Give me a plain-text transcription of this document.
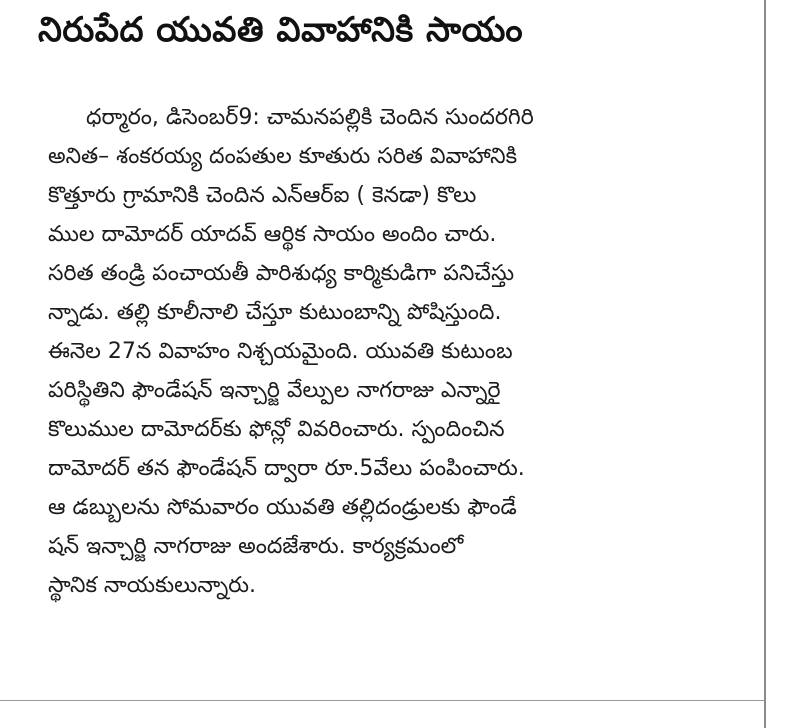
నిరుపేద యువతి వివాహానికి సాయం
ధర్మారం, డిసెంబర్9: చామనపల్లికి చెందిన సుందరగిరి
అనిత– శంకరయ్య దంపతుల కూతురు సరిత వివాహానికి
కొత్తూరు గ్రామానికి చెందిన ఎన్ఆర్ఐ ( కెనడా) కొలు
ముల దామోదర్ యాదవ్ ఆర్థిక సాయం అందిం చారు.
సరిత తండ్రి పంచాయతీ పారిశుధ్య కార్మికుడిగా పనిచేస్తు
న్నాడు. తల్లి కూలీనాలి చేస్తూ కుటుంబాన్ని పోషిస్తుంది.
ఈనెల 27న వివాహం నిశ్చయమైంది. యువతి కుటుంబ
పరిస్థితిని ఫౌండేషన్ ఇన్చార్జి వేల్పుల నాగరాజు ఎన్నారై
కొలుముల దామోదర్‌కు ఫోన్లో వివరించారు. స్పందించిన
దామోదర్ తన ఫౌండేషన్ ద్వారా రూ.5వేలు పంపించారు.
ఆ డబ్బులను సోమవారం యువతి తల్లిదండ్రులకు ఫౌండే
షన్ ఇన్చార్జి నాగరాజు అందజేశారు. కార్యక్రమంలో
స్థానిక నాయకులున్నారు.
